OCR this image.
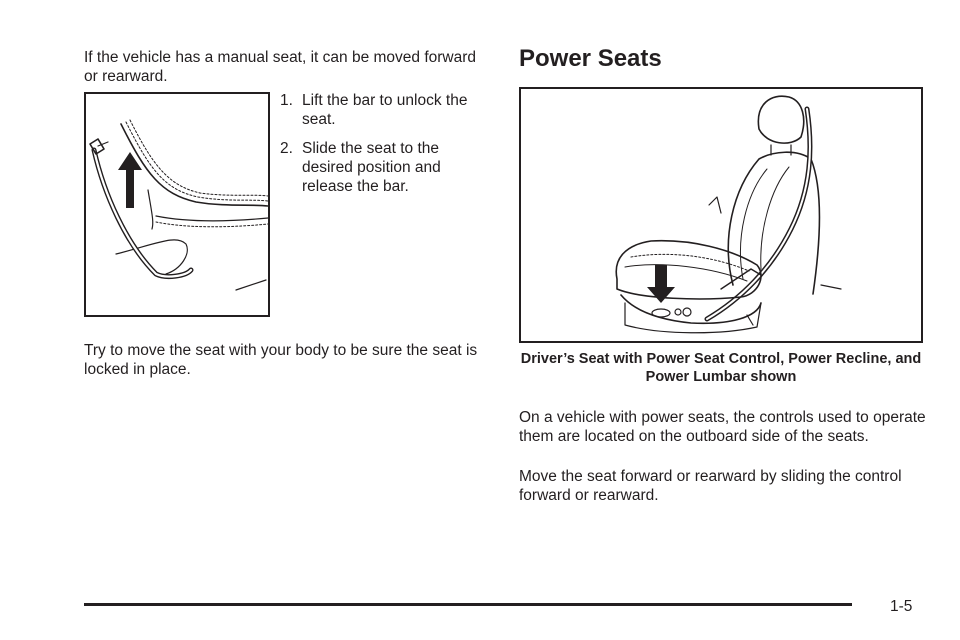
If the vehicle has a manual seat, it can be moved forward or rearward.

1. Lift the bar to unlock the seat.
2. Slide the seat to the desired position and release the bar.

Try to move the seat with your body to be sure the seat is locked in place.

Power Seats

Driver’s Seat with Power Seat Control, Power Recline, and Power Lumbar shown

On a vehicle with power seats, the controls used to operate them are located on the outboard side of the seats.

Move the seat forward or rearward by sliding the control forward or rearward.

1-5
